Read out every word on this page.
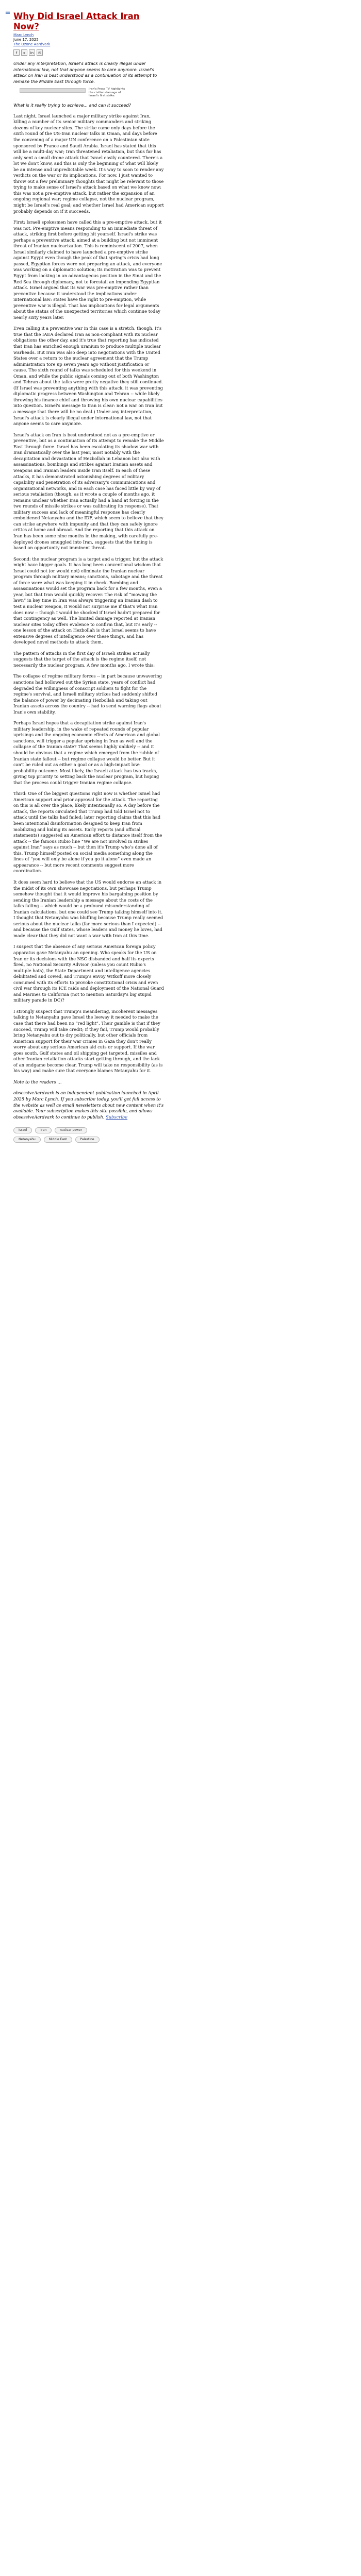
≡ Why Did Israel Attack Iran Now?
Marc Lynch
June 17, 2025
The Ozone Aardvark
f	x	in	✉
Under any interpretation, Israel's attack is clearly illegal under international law, not that anyone seems to care anymore. Israel's attack on Iran is best understood as a continuation of its attempt to remake the Middle East through force.
Iran's Press TV highlights the civilian damage of Israel's first strike.
What is it really trying to achieve... and can it succeed?

Last night, Israel launched a major military strike against Iran, killing a number of its senior military commanders and striking dozens of key nuclear sites. The strike came only days before the sixth round of the US-Iran nuclear talks in Oman, and days before the convening of a major UN conference on a Palestinian state sponsored by France and Saudi Arabia. Israel has stated that this will be a multi-day war; Iran threatened retaliation, but thus far has only sent a small drone attack that Israel easily countered. There's a lot we don't know, and this is only the beginning of what will likely be an intense and unpredictable week. It's way to soon to render any verdicts on the war or its implications. For now, I just wanted to throw out a few preliminary thoughts that might be relevant to those trying to make sense of Israel's attack based on what we know now: this was not a pre-emptive attack, but rather the expansion of an ongoing regional war; regime collapse, not the nuclear program, might be Israel's real goal; and whether Israel had American support probably depends on if it succeeds.

First: Israeli spokesmen have called this a pre-emptive attack, but it was not. Pre-emptive means responding to an immediate threat of attack, striking first before getting hit yourself. Israel's strike was perhaps a preventive attack, aimed at a building but not imminent threat of Iranian nuclearization. This is reminiscent of 2007, when Israel similarly claimed to have launched a pre-emptive strike against Egypt even though the peak of that spring's crisis had long passed, Egyptian forces were not preparing an attack, and everyone was working on a diplomatic solution; its motivation was to prevent Egypt from locking in an advantageous position in the Sinai and the Red Sea through diplomacy, not to forestall an impending Egyptian attack. Israel argued that its war was pre-emptive rather than preventive because it understood the implications under international law: states have the right to pre-emption, while preventive war is illegal. That has implications for legal arguments about the status of the unexpected territories which continue today nearly sixty years later.

Even calling it a preventive war in this case is a stretch, though. It's true that the IAEA declared Iran as non-compliant with its nuclear obligations the other day, and it's true that reporting has indicated that Iran has enriched enough uranium to produce multiple nuclear warheads. But Iran was also deep into negotiations with the United States over a return to the nuclear agreement that the Trump administration tore up seven years ago without justification or cause. The sixth round of talks was scheduled for this weekend in Oman, and while the public signals coming out of both Washington and Tehran about the talks were pretty negative they still continued. (If Israel was preventing anything with this attack, it was preventing diplomatic progress between Washington and Tehran -- while likely throwing his finance chief and throwing his own nuclear capabilities into question. Israel's message to Iran is clear: not a war on Iran but a message that there will be no deal.) Under any interpretation, Israel's attack is clearly illegal under international law, not that anyone seems to care anymore.

Israel's attack on Iran is best understood not as a pre-emptive or preventive, but as a continuation of its attempt to remake the Middle East through force. Israel has been escalating its shadow war with Iran dramatically over the last year, most notably with the decapitation and devastation of Hezbollah in Lebanon but also with assassinations, bombings and strikes against Iranian assets and weapons and Iranian leaders inside Iran itself. In each of these attacks, it has demonstrated astonishing degrees of military capability and penetration of its adversary's communications and organizational networks, and in each case has faced little by way of serious retaliation (though, as it wrote a couple of months ago, it remains unclear whether Iran actually had a hand at forcing in the two rounds of missile strikes or was calibrating its response). That military success and lack of meaningful response has clearly emboldened Netanyahu and the IDF, which seem to believe that they can strike anywhere with impunity and that they can safely ignore critics at home and abroad. And the reporting that this attack on Iran has been some nine months in the making, with carefully pre-deployed drones smuggled into Iran, suggests that the timing is based on opportunity not imminent threat.

Second: the nuclear program is a target and a trigger, but the attack might have bigger goals. It has long been conventional wisdom that Israel could not (or would not) eliminate the Iranian nuclear program through military means; sanctions, sabotage and the threat of force were what was keeping it in check. Bombing and assassinations would set the program back for a few months, even a year, but that Iran would quickly recover. The risk of “mowing the lawn” in key time in Iran was always triggering an Iranian dash to test a nuclear weapon, it would not surprise me if that's what Iran does now -- though I would be shocked if Israel hadn't prepared for that contingency as well. The limited damage reported at Iranian nuclear sites today offers evidence to confirm that, but it's early -- one lesson of the attack on Hezbollah is that Israel seems to have extensive degrees of intelligence over these things, and has developed novel methods to attack them.

The pattern of attacks in the first day of Israeli strikes actually suggests that the target of the attack is the regime itself, not necessarily the nuclear program. A few months ago, I wrote this:

The collapse of regime military forces -- in part because unwavering sanctions had hollowed out the Syrian state, years of conflict had degraded the willingness of conscript soldiers to fight for the regime's survival, and Israeli military strikes had suddenly shifted the balance of power by decimating Hezbollah and taking out Iranian assets across the country -- had to send warning flags about Iran's own stability.

Perhaps Israel hopes that a decapitation strike against Iran's military leadership, in the wake of repeated rounds of popular uprisings and the ongoing economic effects of American and global sanctions, will trigger a popular uprising in Iran as well and the collapse of the Iranian state? That seems highly unlikely -- and it should be obvious that a regime which emerged from the rubble of Iranian state fallout -- but regime collapse would be better. But it can't be ruled out as either a goal or as a high-impact low-probability outcome. Most likely, the Israeli attack has two tracks, giving top priority to setting back the nuclear program, but hoping that the process could trigger Iranian regime collapse.

Third: One of the biggest questions right now is whether Israel had American support and prior approval for the attack. The reporting on this is all over the place, likely intentionally so. A day before the attack, the reports circulated that Trump had told Israel not to attack until the talks had failed; later reporting claims that this had been intentional disinformation designed to keep Iran from mobilizing and hiding its assets. Early reports (and official statements) suggested an American effort to distance itself from the attack -- the famous Rubio line “We are not involved in strikes against Iran” says as much -- but then it's Trump who’s done all of this. Trump himself posted on social media something along the lines of “you will only be alone if you go it alone” even made an appearance -- but more recent comments suggest more coordination.

It does seem hard to believe that the US would endorse an attack in the midst of its own showcase negotiations, but perhaps Trump somehow thought that it would improve his bargaining position by sending the Iranian leadership a message about the costs of the talks failing -- which would be a profound misunderstanding of Iranian calculations, but one could see Trump talking himself into it. I thought that Netanyahu was bluffing because Trump really seemed serious about the nuclear talks (far more serious than I expected) -- and because the Gulf states, whose leaders and money he loves, had made clear that they did not want a war with Iran at this time.

I suspect that the absence of any serious American foreign policy apparatus gave Netanyahu an opening. Who speaks for the US on Iran or its decisions with the NSC disbanded and half its experts fired, no National Security Advisor (unless you count Rubio's multiple hats), the State Department and intelligence agencies debilitated and cowed, and Trump's envoy Witkoff more closely consumed with its efforts to provoke constitutional crisis and even civil war through its ICE raids and deployment of the National Guard and Marines to California (not to mention Saturday's big stupid military parade in DC)?

I strongly suspect that Trump's meandering, incoherent messages talking to Netanyahu gave Israel the leeway it needed to make the case that there had been no “red light”. Their gamble is that if they succeed, Trump will take credit; if they fail, Trump would probably bring Netanyahu out to dry politically, but other officials from American support for their war crimes in Gaza they don't really worry about any serious American aid cuts or support. If the war goes south, Gulf states and oil shipping get targeted, missiles and other Iranian retaliation attacks start getting through, and the lack of an endgame become clear, Trump will take no responsibility (as is his way) and make sure that everyone blames Netanyahu for it.

Note to the readers …
obsessiveAardvark is an independent publication launched in April 2025 by Marc Lynch. If you subscribe today, you'll get full access to the website as well as email newsletters about new content when it's available. Your subscription makes this site possible, and allows obsessiveAardvark to continue to publish. Subscribe
Israel	Iran	nuclear power
Netanyahu	Middle East	Palestine
